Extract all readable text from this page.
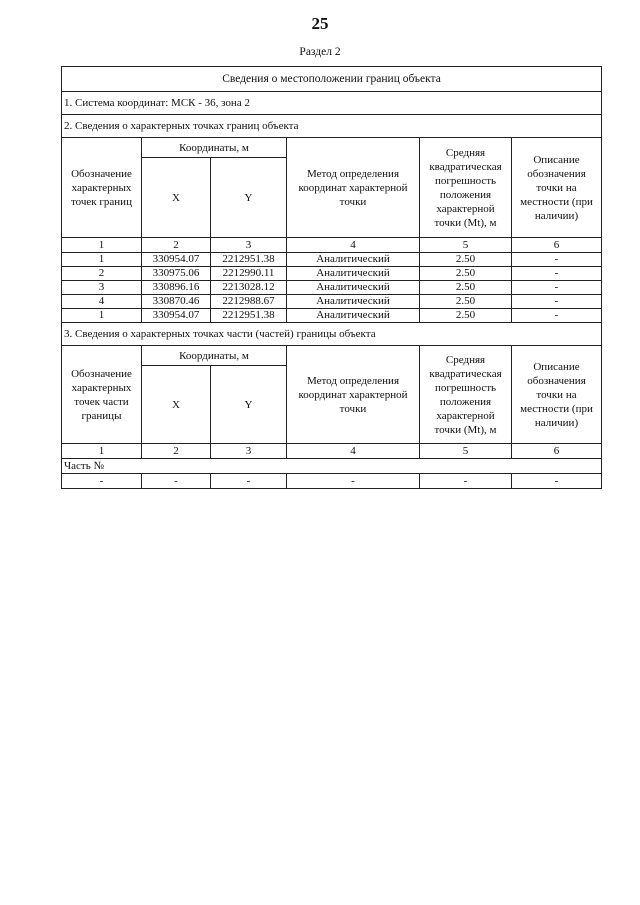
25
Раздел 2
Сведения о местоположении границ объекта					
1. Система координат: МСК - 36, зона 2					
2. Сведения о характерных точках границ объекта					
Обозначение характерных точек границ	Координаты, м		Метод определения координат характерной точки	Средняя квадратическая погрешность положения характерной точки (Mt), м	Описание обозначения точки на местности (при наличии)
	X	Y			
1	2	3	4	5	6
1	330954.07	2212951.38	Аналитический	2.50	-
2	330975.06	2212990.11	Аналитический	2.50	-
3	330896.16	2213028.12	Аналитический	2.50	-
4	330870.46	2212988.67	Аналитический	2.50	-
1	330954.07	2212951.38	Аналитический	2.50	-
3. Сведения о характерных точках части (частей) границы объекта					
Обозначение характерных точек части границы	Координаты, м		Метод определения координат характерной точки	Средняя квадратическая погрешность положения характерной точки (Mt), м	Описание обозначения точки на местности (при наличии)
	X	Y			
1	2	3	4	5	6
Часть №					
-	-	-	-	-	-
